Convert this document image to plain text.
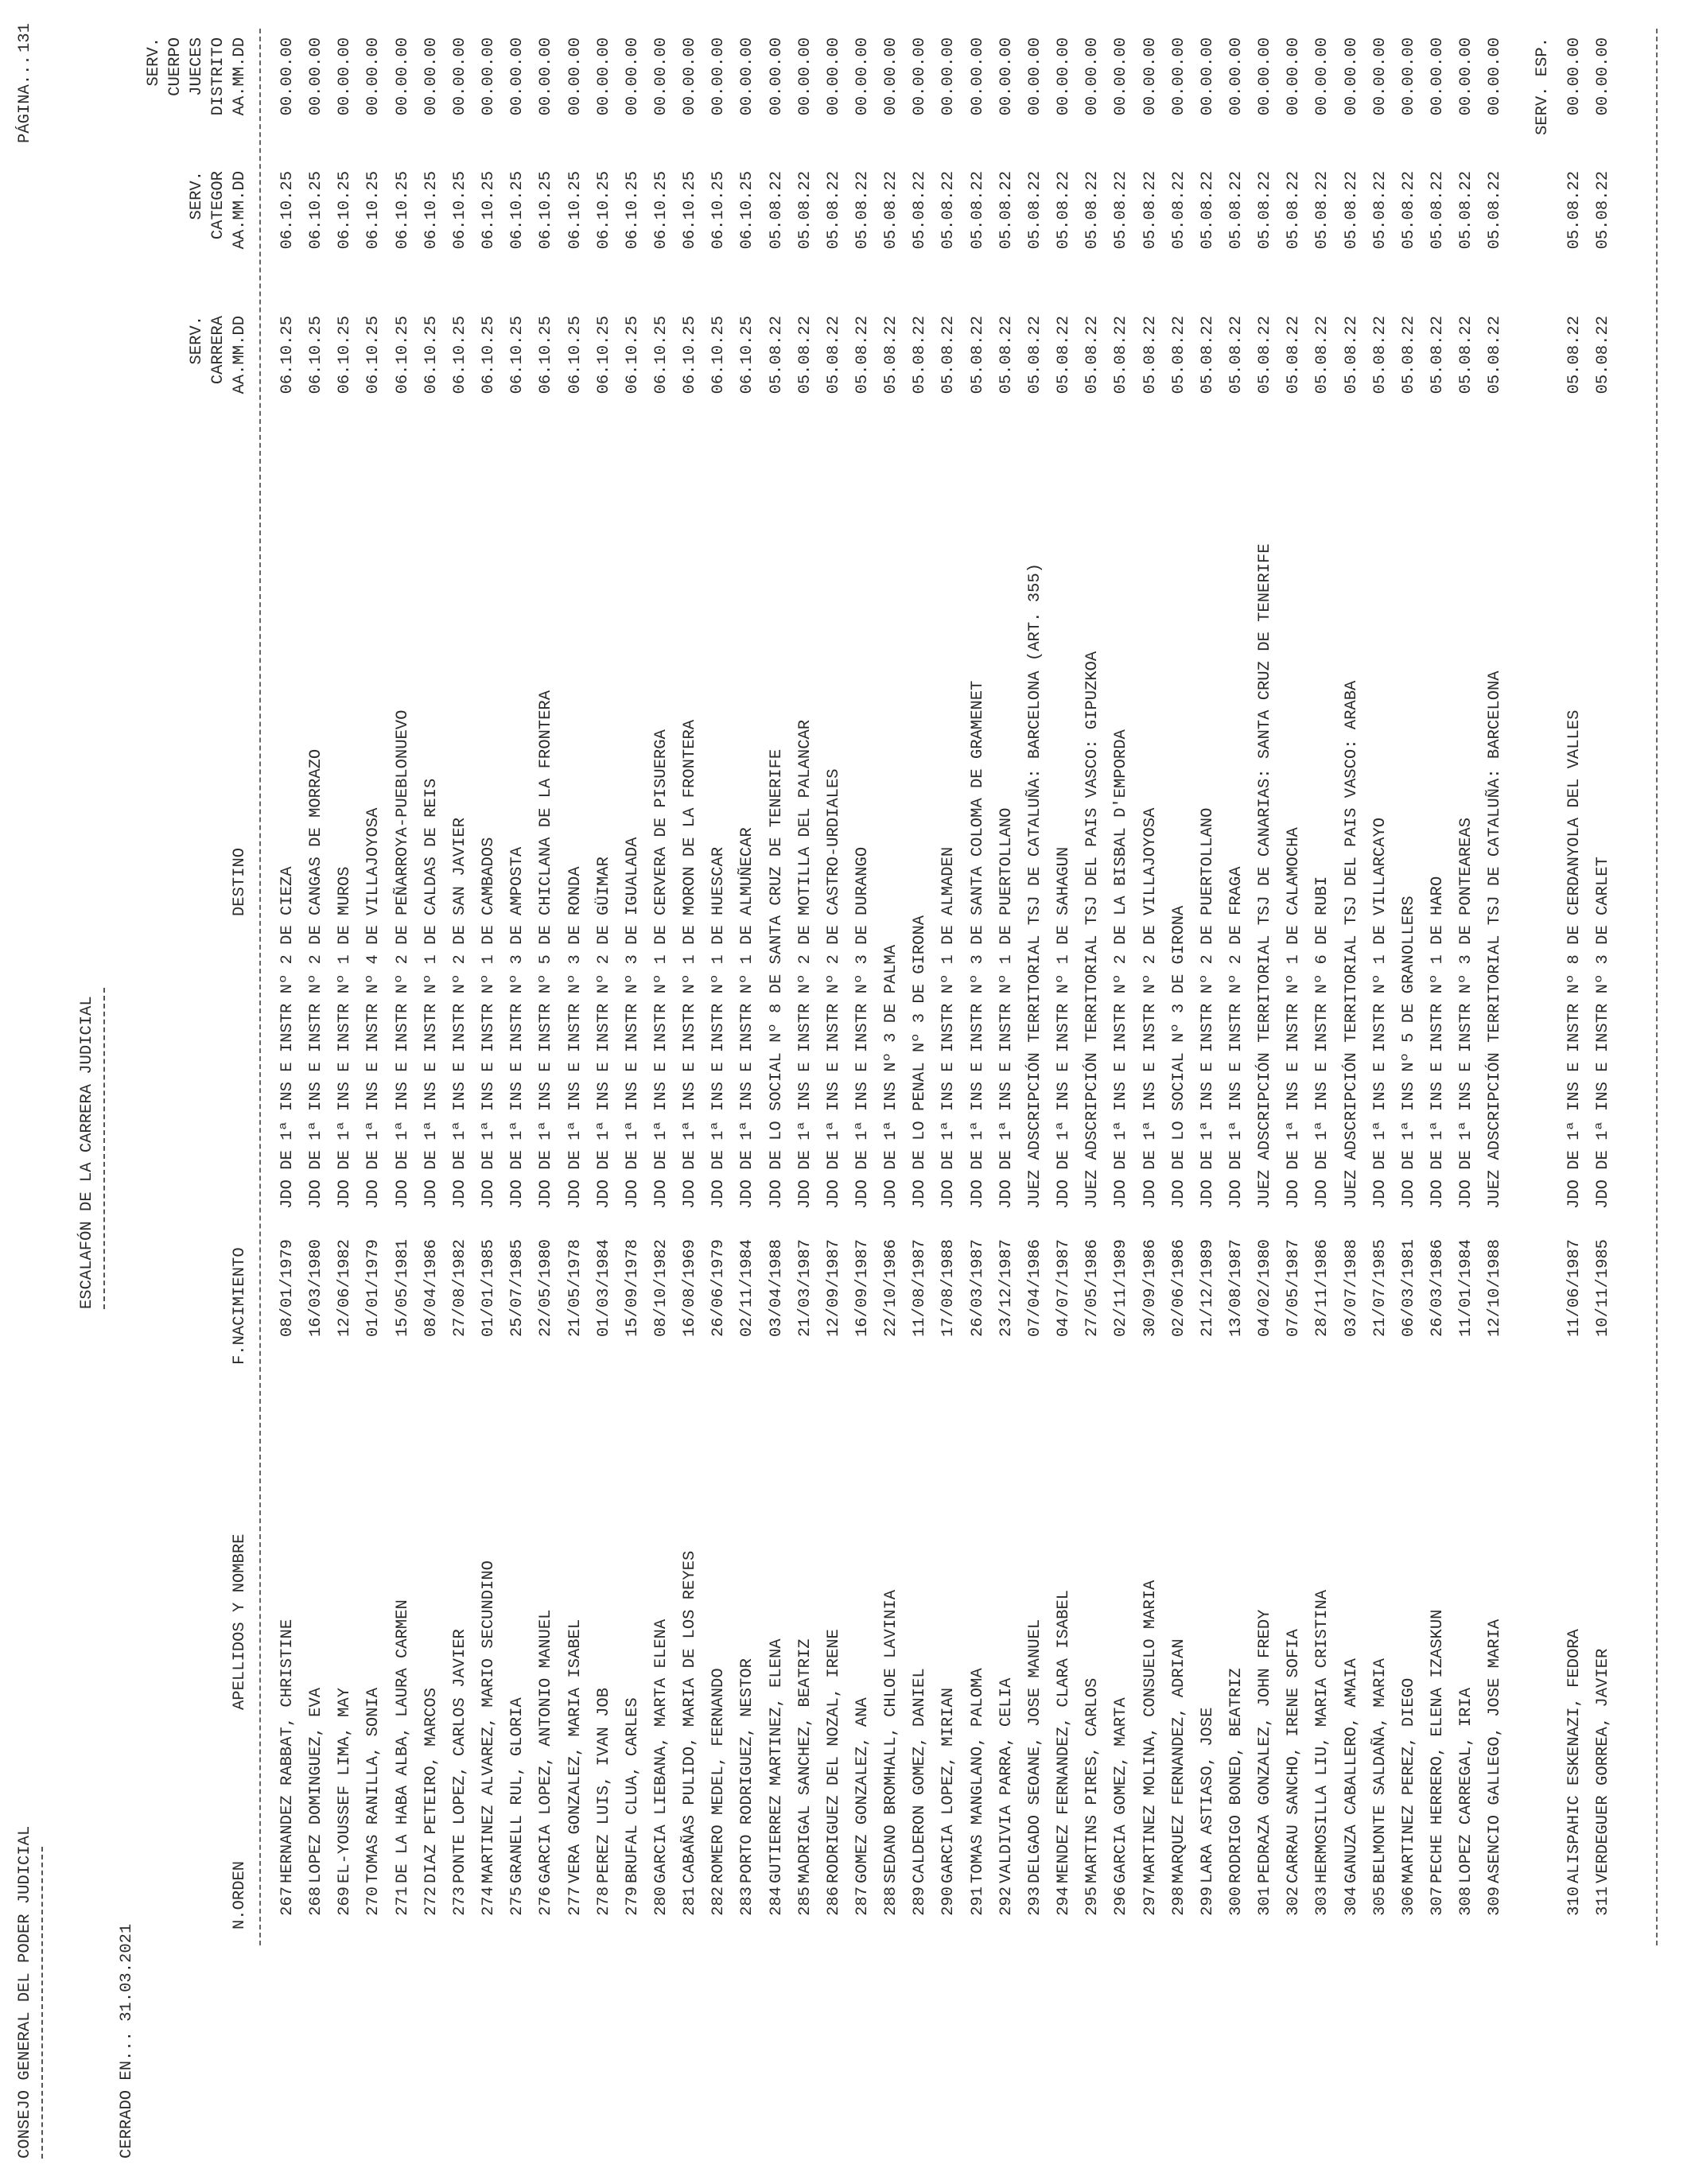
CONSEJO GENERAL DEL PODER JUDICIAL
ESCALAFÓN DE LA CARRERA JUDICIAL
PÁGINA...
131
CERRADO EN... 31.03.2021
N.ORDEN
APELLIDOS Y NOMBRE
F.NACIMIENTO
DESTINO
SERV. CARRERA AA.MM.DD
SERV. CATEGOR AA.MM.DD
SERV. CUERPO JUECES DISTRITO AA.MM.DD
267
HERNANDEZ RABBAT, CHRISTINE
08/01/1979
JDO DE 1ª INS E INSTR Nº 2 DE CIEZA
06.10.25
06.10.25
00.00.00
268
LOPEZ DOMINGUEZ, EVA
16/03/1980
JDO DE 1ª INS E INSTR Nº 2 DE CANGAS DE MORRAZO
06.10.25
06.10.25
00.00.00
269
EL-YOUSSEF LIMA, MAY
12/06/1982
JDO DE 1ª INS E INSTR Nº 1 DE MUROS
06.10.25
06.10.25
00.00.00
270
TOMAS RANILLA, SONIA
01/01/1979
JDO DE 1ª INS E INSTR Nº 4 DE VILLAJOYOSA
06.10.25
06.10.25
00.00.00
271
DE LA HABA ALBA, LAURA CARMEN
15/05/1981
JDO DE 1ª INS E INSTR Nº 2 DE PEÑARROYA-PUEBLONUEVO
06.10.25
06.10.25
00.00.00
272
DIAZ PETEIRO, MARCOS
08/04/1986
JDO DE 1ª INS E INSTR Nº 1 DE CALDAS DE REIS
06.10.25
06.10.25
00.00.00
273
PONTE LOPEZ, CARLOS JAVIER
27/08/1982
JDO DE 1ª INS E INSTR Nº 2 DE SAN JAVIER
06.10.25
06.10.25
00.00.00
274
MARTINEZ ALVAREZ, MARIO SECUNDINO
01/01/1985
JDO DE 1ª INS E INSTR Nº 1 DE CAMBADOS
06.10.25
06.10.25
00.00.00
275
GRANELL RUL, GLORIA
25/07/1985
JDO DE 1ª INS E INSTR Nº 3 DE AMPOSTA
06.10.25
06.10.25
00.00.00
276
GARCIA LOPEZ, ANTONIO MANUEL
22/05/1980
JDO DE 1ª INS E INSTR Nº 5 DE CHICLANA DE LA FRONTERA
06.10.25
06.10.25
00.00.00
277
VERA GONZALEZ, MARIA ISABEL
21/05/1978
JDO DE 1ª INS E INSTR Nº 3 DE RONDA
06.10.25
06.10.25
00.00.00
278
PEREZ LUIS, IVAN JOB
01/03/1984
JDO DE 1ª INS E INSTR Nº 2 DE GÜIMAR
06.10.25
06.10.25
00.00.00
279
BRUFAL CLUA, CARLES
15/09/1978
JDO DE 1ª INS E INSTR Nº 3 DE IGUALADA
06.10.25
06.10.25
00.00.00
280
GARCIA LIEBANA, MARTA ELENA
08/10/1982
JDO DE 1ª INS E INSTR Nº 1 DE CERVERA DE PISUERGA
06.10.25
06.10.25
00.00.00
281
CABAÑAS PULIDO, MARIA DE LOS REYES
16/08/1969
JDO DE 1ª INS E INSTR Nº 1 DE MORON DE LA FRONTERA
06.10.25
06.10.25
00.00.00
282
ROMERO MEDEL, FERNANDO
26/06/1979
JDO DE 1ª INS E INSTR Nº 1 DE HUESCAR
06.10.25
06.10.25
00.00.00
283
PORTO RODRIGUEZ, NESTOR
02/11/1984
JDO DE 1ª INS E INSTR Nº 1 DE ALMUÑECAR
06.10.25
06.10.25
00.00.00
284
GUTIERREZ MARTINEZ, ELENA
03/04/1988
JDO DE LO SOCIAL Nº 8 DE SANTA CRUZ DE TENERIFE
05.08.22
05.08.22
00.00.00
285
MADRIGAL SANCHEZ, BEATRIZ
21/03/1987
JDO DE 1ª INS E INSTR Nº 2 DE MOTILLA DEL PALANCAR
05.08.22
05.08.22
00.00.00
286
RODRIGUEZ DEL NOZAL, IRENE
12/09/1987
JDO DE 1ª INS E INSTR Nº 2 DE CASTRO-URDIALES
05.08.22
05.08.22
00.00.00
287
GOMEZ GONZALEZ, ANA
16/09/1987
JDO DE 1ª INS E INSTR Nº 3 DE DURANGO
05.08.22
05.08.22
00.00.00
288
SEDANO BROMHALL, CHLOE LAVINIA
22/10/1986
JDO DE 1ª INS Nº 3 DE PALMA
05.08.22
05.08.22
00.00.00
289
CALDERON GOMEZ, DANIEL
11/08/1987
JDO DE LO PENAL Nº 3 DE GIRONA
05.08.22
05.08.22
00.00.00
290
GARCIA LOPEZ, MIRIAN
17/08/1988
JDO DE 1ª INS E INSTR Nº 1 DE ALMADEN
05.08.22
05.08.22
00.00.00
291
TOMAS MANGLANO, PALOMA
26/03/1987
JDO DE 1ª INS E INSTR Nº 3 DE SANTA COLOMA DE GRAMENET
05.08.22
05.08.22
00.00.00
292
VALDIVIA PARRA, CELIA
23/12/1987
JDO DE 1ª INS E INSTR Nº 1 DE PUERTOLLANO
05.08.22
05.08.22
00.00.00
293
DELGADO SEOANE, JOSE MANUEL
07/04/1986
JUEZ ADSCRIPCIÓN TERRITORIAL TSJ DE CATALUÑA: BARCELONA (ART. 355)
05.08.22
05.08.22
00.00.00
294
MENDEZ FERNANDEZ, CLARA ISABEL
04/07/1987
JDO DE 1ª INS E INSTR Nº 1 DE SAHAGUN
05.08.22
05.08.22
00.00.00
295
MARTINS PIRES, CARLOS
27/05/1986
JUEZ ADSCRIPCIÓN TERRITORIAL TSJ DEL PAIS VASCO: GIPUZKOA
05.08.22
05.08.22
00.00.00
296
GARCIA GOMEZ, MARTA
02/11/1989
JDO DE 1ª INS E INSTR Nº 2 DE LA BISBAL D'EMPORDA
05.08.22
05.08.22
00.00.00
297
MARTINEZ MOLINA, CONSUELO MARIA
30/09/1986
JDO DE 1ª INS E INSTR Nº 2 DE VILLAJOYOSA
05.08.22
05.08.22
00.00.00
298
MARQUEZ FERNANDEZ, ADRIAN
02/06/1986
JDO DE LO SOCIAL Nº 3 DE GIRONA
05.08.22
05.08.22
00.00.00
299
LARA ASTIASO, JOSE
21/12/1989
JDO DE 1ª INS E INSTR Nº 2 DE PUERTOLLANO
05.08.22
05.08.22
00.00.00
300
RODRIGO BONED, BEATRIZ
13/08/1987
JDO DE 1ª INS E INSTR Nº 2 DE FRAGA
05.08.22
05.08.22
00.00.00
301
PEDRAZA GONZALEZ, JOHN FREDY
04/02/1980
JUEZ ADSCRIPCIÓN TERRITORIAL TSJ DE CANARIAS: SANTA CRUZ DE TENERIFE
05.08.22
05.08.22
00.00.00
302
CARRAU SANCHO, IRENE SOFIA
07/05/1987
JDO DE 1ª INS E INSTR Nº 1 DE CALAMOCHA
05.08.22
05.08.22
00.00.00
303
HERMOSILLA LIU, MARIA CRISTINA
28/11/1986
JDO DE 1ª INS E INSTR Nº 6 DE RUBI
05.08.22
05.08.22
00.00.00
304
GANUZA CABALLERO, AMAIA
03/07/1988
JUEZ ADSCRIPCIÓN TERRITORIAL TSJ DEL PAIS VASCO: ARABA
05.08.22
05.08.22
00.00.00
305
BELMONTE SALDAÑA, MARIA
21/07/1985
JDO DE 1ª INS E INSTR Nº 1 DE VILLARCAYO
05.08.22
05.08.22
00.00.00
306
MARTINEZ PEREZ, DIEGO
06/03/1981
JDO DE 1ª INS Nº 5 DE GRANOLLERS
05.08.22
05.08.22
00.00.00
307
PECHE HERRERO, ELENA IZASKUN
26/03/1986
JDO DE 1ª INS E INSTR Nº 1 DE HARO
05.08.22
05.08.22
00.00.00
308
LOPEZ CARREGAL, IRIA
11/01/1984
JDO DE 1ª INS E INSTR Nº 3 DE PONTEAREAS
05.08.22
05.08.22
00.00.00
309
ASENCIO GALLEGO, JOSE MARIA
12/10/1988
JUEZ ADSCRIPCIÓN TERRITORIAL TSJ DE CATALUÑA: BARCELONA
05.08.22
05.08.22
00.00.00	SERV. ESP.
310
ALISPAHIC ESKENAZI, FEDORA
11/06/1987
JDO DE 1ª INS E INSTR Nº 8 DE CERDANYOLA DEL VALLES
05.08.22
05.08.22
00.00.00
311
VERDEGUER GORREA, JAVIER
10/11/1985
JDO DE 1ª INS E INSTR Nº 3 DE CARLET
05.08.22
05.08.22
00.00.00
